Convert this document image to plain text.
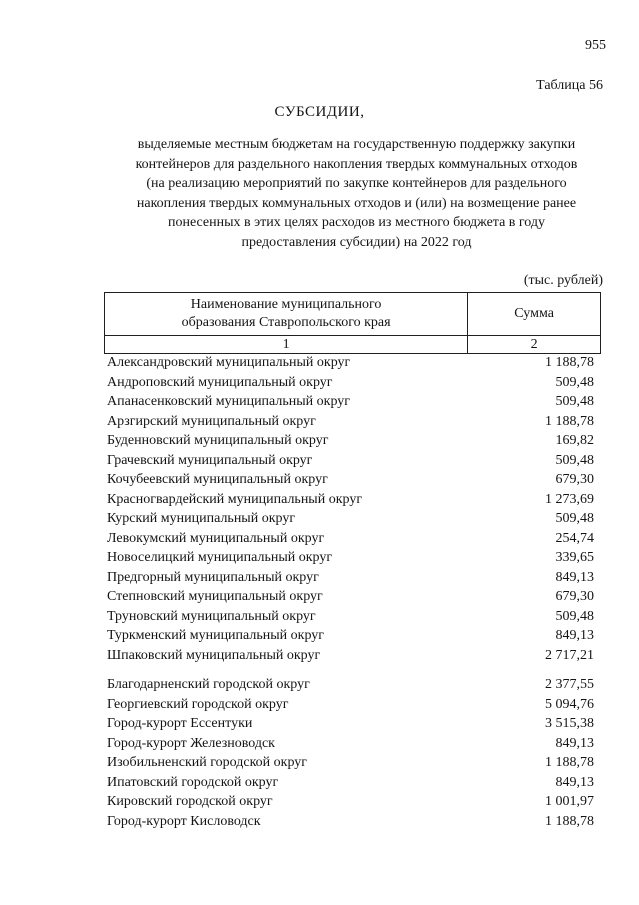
955
Таблица 56
СУБСИДИИ,
выделяемые местным бюджетам на государственную поддержку закупки
контейнеров для раздельного накопления твердых коммунальных отходов
(на реализацию мероприятий по закупке контейнеров для раздельного
накопления твердых коммунальных отходов и (или) на возмещение ранее
понесенных в этих целях расходов из местного бюджета в году
предоставления субсидии) на 2022 год
(тыс. рублей)
Наименование муниципального
образования Ставропольского края	Сумма
1	2
Александровский муниципальный округ	1 188,78
Андроповский муниципальный округ	509,48
Апанасенковский муниципальный округ	509,48
Арзгирский муниципальный округ	1 188,78
Буденновский муниципальный округ	169,82
Грачевский муниципальный округ	509,48
Кочубеевский муниципальный округ	679,30
Красногвардейский муниципальный округ	1 273,69
Курский муниципальный округ	509,48
Левокумский муниципальный округ	254,74
Новоселицкий муниципальный округ	339,65
Предгорный муниципальный округ	849,13
Степновский муниципальный округ	679,30
Труновский муниципальный округ	509,48
Туркменский муниципальный округ	849,13
Шпаковский муниципальный округ	2 717,21
Благодарненский городской округ	2 377,55
Георгиевский городской округ	5 094,76
Город-курорт Ессентуки	3 515,38
Город-курорт Железноводск	849,13
Изобильненский городской округ	1 188,78
Ипатовский городской округ	849,13
Кировский городской округ	1 001,97
Город-курорт Кисловодск	1 188,78
